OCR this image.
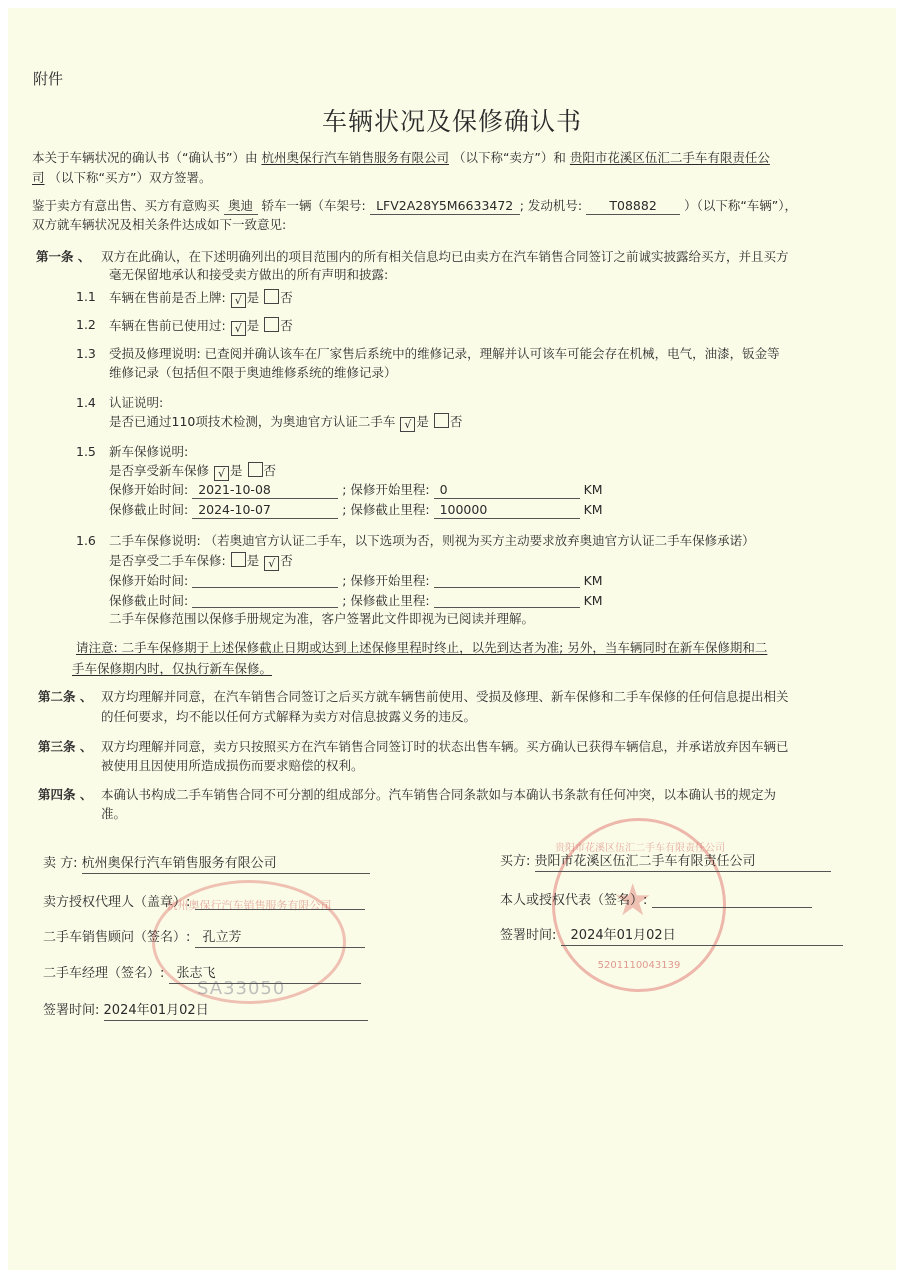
附件
车辆状况及保修确认书
本关于车辆状况的确认书（“确认书”）由 杭州奥保行汽车销售服务有限公司 （以下称“卖方”）和 贵阳市花溪区伍汇二手车有限责任公
司 （以下称“买方”）双方签署。
鉴于卖方有意出售、买方有意购买 奥迪 轿车一辆（车架号: LFV2A28Y5M6633472 ; 发动机号: T08882 ）（以下称“车辆”），
双方就车辆状况及相关条件达成如下一致意见:
第一条 、 双方在此确认，在下述明确列出的项目范围内的所有相关信息均已由卖方在汽车销售合同签订之前诚实披露给买方，并且买方
毫无保留地承认和接受卖方做出的所有声明和披露:
1.1 车辆在售前是否上牌: √ 是 否
1.2 车辆在售前已使用过: √ 是 否
1.3 受损及修理说明: 已查阅并确认该车在厂家售后系统中的维修记录，理解并认可该车可能会存在机械，电气，油漆，钣金等
维修记录（包括但不限于奥迪维修系统的维修记录）
1.4 认证说明:
是否已通过110项技术检测，为奥迪官方认证二手车 √ 是 否
1.5 新车保修说明:
是否享受新车保修 √ 是 否
保修开始时间: 2021-10-08	; 保修开始里程: 0	KM
保修截止时间: 2024-10-07	; 保修截止里程: 100000	KM
1.6 二手车保修说明: （若奥迪官方认证二手车，以下选项为否，则视为买方主动要求放弃奥迪官方认证二手车保修承诺）
是否享受二手车保修: 是 √ 否
保修开始时间:	; 保修开始里程:	KM
保修截止时间:	; 保修截止里程:	KM
二手车保修范围以保修手册规定为准，客户签署此文件即视为已阅读并理解。
请注意: 二手车保修期于上述保修截止日期或达到上述保修里程时终止，以先到达者为准; 另外，当车辆同时在新车保修期和二
手车保修期内时，仅执行新车保修。
第二条 、 双方均理解并同意，在汽车销售合同签订之后买方就车辆售前使用、受损及修理、新车保修和二手车保修的任何信息提出相关
的任何要求，均不能以任何方式解释为卖方对信息披露义务的违反。
第三条 、 双方均理解并同意，卖方只按照买方在汽车销售合同签订时的状态出售车辆。买方确认已获得车辆信息，并承诺放弃因车辆已
被使用且因使用所造成损伤而要求赔偿的权利。
第四条 、 本确认书构成二手车销售合同不可分割的组成部分。汽车销售合同条款如与本确认书条款有任何冲突，以本确认书的规定为
准。
杭州奥保行汽车销售服务有限公司
SA33050
★
贵阳市花溪区伍汇二手车有限责任公司
5201110043139
卖 方: 杭州奥保行汽车销售服务有限公司
卖方授权代理人（盖章）:
二手车销售顾问（签名）: 孔立芳
二手车经理（签名）: 张志飞
签署时间: 2024年01月02日
买方: 贵阳市花溪区伍汇二手车有限责任公司
本人或授权代表（签名）:
签署时间: 2024年01月02日
